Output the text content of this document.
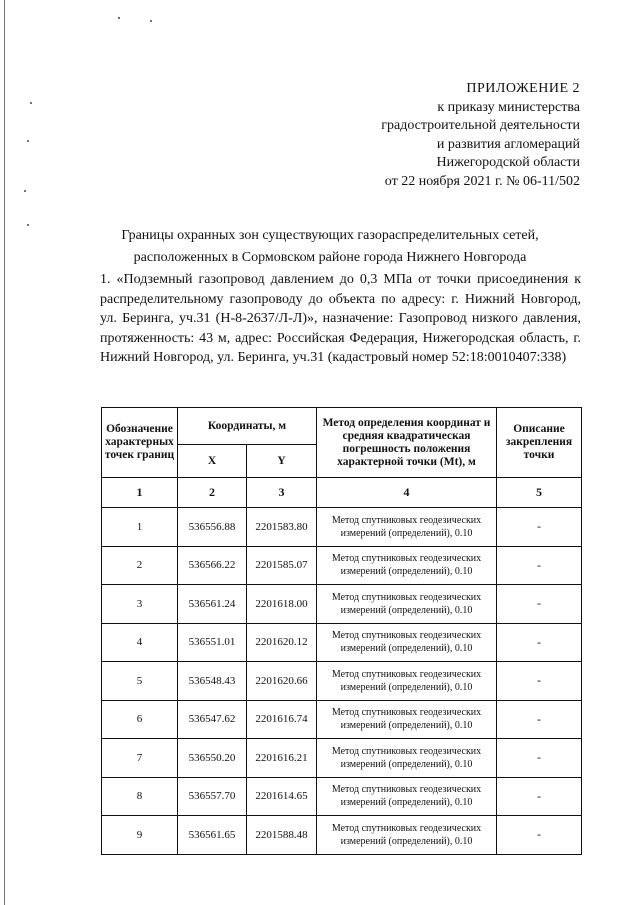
ПРИЛОЖЕНИЕ 2
к приказу министерства
градостроительной деятельности
и развития агломераций
Нижегородской области
от 22 ноября 2021 г. № 06-11/502
Границы охранных зон существующих газораспределительных сетей,
расположенных в Сормовском районе города Нижнего Новгорода
1. «Подземный газопровод давлением до 0,3 МПа от точки присоединения к распределительному газопроводу до объекта по адресу: г. Нижний Новгород, ул. Беринга, уч.31 (Н-8-2637/Л-Л)», назначение: Газопровод низкого давления, протяженность: 43 м, адрес: Российская Федерация, Нижегородская область, г. Нижний Новгород, ул. Беринга, уч.31 (кадастровый номер 52:18:0010407:338)
Обозначение характерных точек границ	Координаты, м		Метод определения координат и средняя квадратическая погрешность положения характерной точки (Mt), м	Описание закрепления точки
	X	Y		
1	2	3	4	5
1	536556.88	2201583.80	Метод спутниковых геодезических измерений (определений), 0.10	-
2	536566.22	2201585.07	Метод спутниковых геодезических измерений (определений), 0.10	-
3	536561.24	2201618.00	Метод спутниковых геодезических измерений (определений), 0.10	-
4	536551.01	2201620.12	Метод спутниковых геодезических измерений (определений), 0.10	-
5	536548.43	2201620.66	Метод спутниковых геодезических измерений (определений), 0.10	-
6	536547.62	2201616.74	Метод спутниковых геодезических измерений (определений), 0.10	-
7	536550.20	2201616.21	Метод спутниковых геодезических измерений (определений), 0.10	-
8	536557.70	2201614.65	Метод спутниковых геодезических измерений (определений), 0.10	-
9	536561.65	2201588.48	Метод спутниковых геодезических измерений (определений), 0.10	-
